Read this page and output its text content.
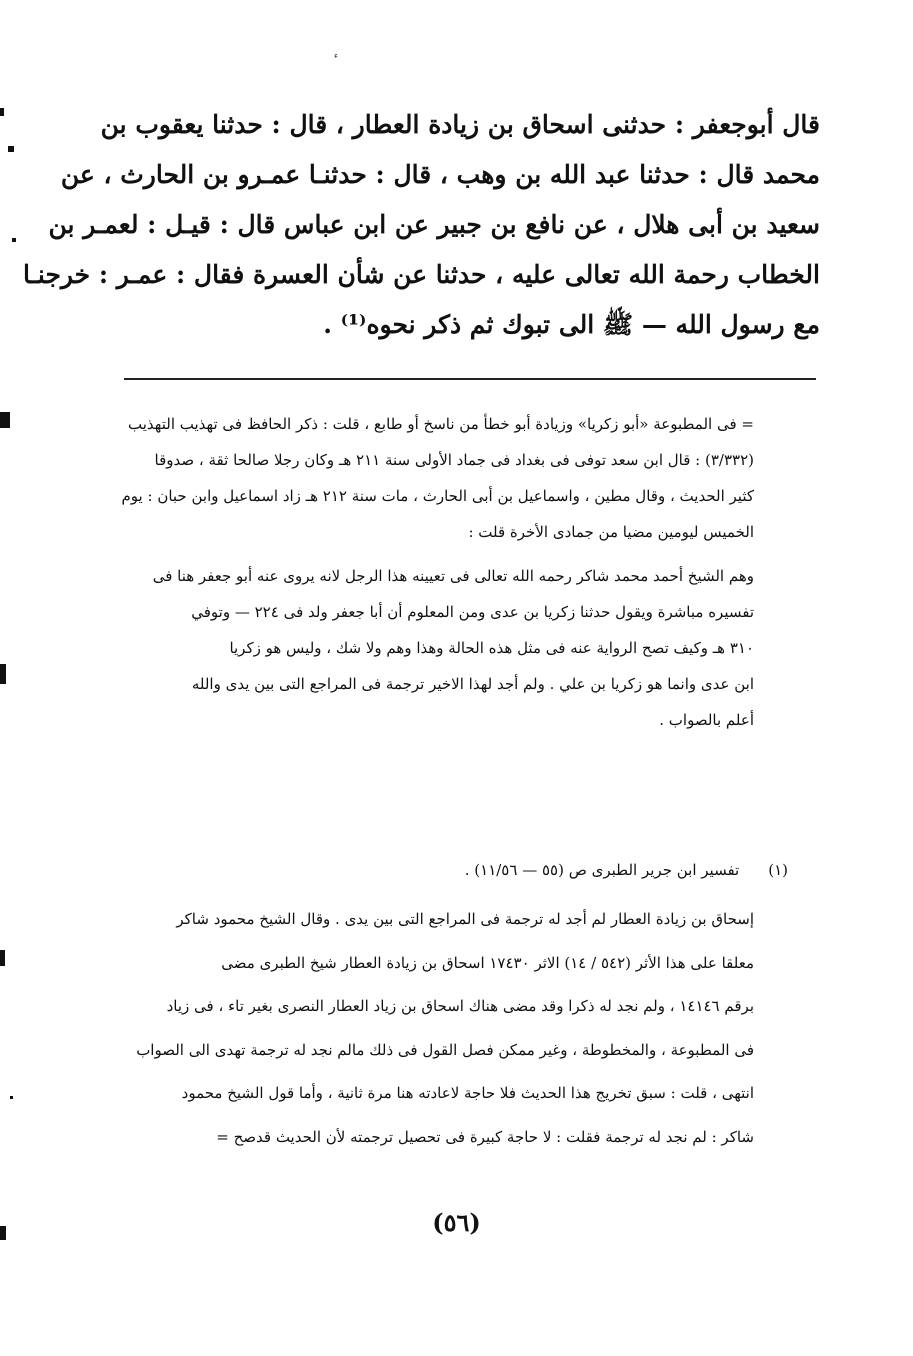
قال أبوجعفر : حدثنى اسحاق بن زيادة العطار ، قال : حدثنا يعقوب بن
محمد قال : حدثنا عبد الله بن وهب ، قال : حدثنـا عمـرو بن الحارث ، عن
سعيد بن أبى هلال ، عن نافع بن جبير عن ابن عباس قال : قيـل : لعمـر بن
الخطاب رحمة الله تعالى عليه ، حدثنا عن شأن العسرة فقال : عمـر : خرجنـا
مع رسول الله — ﷺ الى تبوك ثم ذكر نحوه⁽¹⁾ .
= فى المطبوعة «أبو زكريا» وزيادة أبو خطأ من ناسخ أو طابع ، قلت : ذكر الحافظ فى تهذيب التهذيب
(٣/٣٣٢) : قال ابن سعد توفى فى بغداد فى جماد الأولى سنة ٢١١ هـ وكان رجلا صالحا ثقة ، صدوقا
كثير الحديث ، وقال مطين ، واسماعيل بن أبى الحارث ، مات سنة ٢١٢ هـ زاد اسماعيل وابن حبان : يوم
الخميس ليومين مضيا من جمادى الأخرة قلت :
وهم الشيخ أحمد محمد شاكر رحمه الله تعالى فى تعيينه هذا الرجل لانه يروى عنه أبو جعفر هنا فى
تفسيره مباشرة ويقول حدثنا زكريا بن عدى ومن المعلوم أن أبا جعفر ولد فى ٢٢٤ — وتوفي
٣١٠ هـ وكيف تصح الرواية عنه فى مثل هذه الحالة وهذا وهم ولا شك ، وليس هو زكريا
ابن عدى وانما هو زكريا بن علي . ولم أجد لهذا الاخير ترجمة فى المراجع التى بين يدى والله
أعلم بالصواب .
(١) تفسير ابن جرير الطبرى ص (٥٥ — ١١/٥٦) .
إسحاق بن زيادة العطار لم أجد له ترجمة فى المراجع التى بين يدى . وقال الشيخ محمود شاكر
معلقا على هذا الأثر (٥٤٢ / ١٤) الاثر ١٧٤٣٠ اسحاق بن زيادة العطار شيخ الطبرى مضى
برقم ١٤١٤٦ ، ولم نجد له ذكرا وقد مضى هناك اسحاق بن زياد العطار النصرى بغير تاء ، فى زياد
فى المطبوعة ، والمخطوطة ، وغير ممكن فصل القول فى ذلك مالم نجد له ترجمة تهدى الى الصواب
انتهى ، قلت : سبق تخريج هذا الحديث فلا حاجة لاعادته هنا مرة ثانية ، وأما قول الشيخ محمود
شاكر : لم نجد له ترجمة فقلت : لا حاجة كبيرة فى تحصيل ترجمته لأن الحديث قدصح =
(٥٦)
